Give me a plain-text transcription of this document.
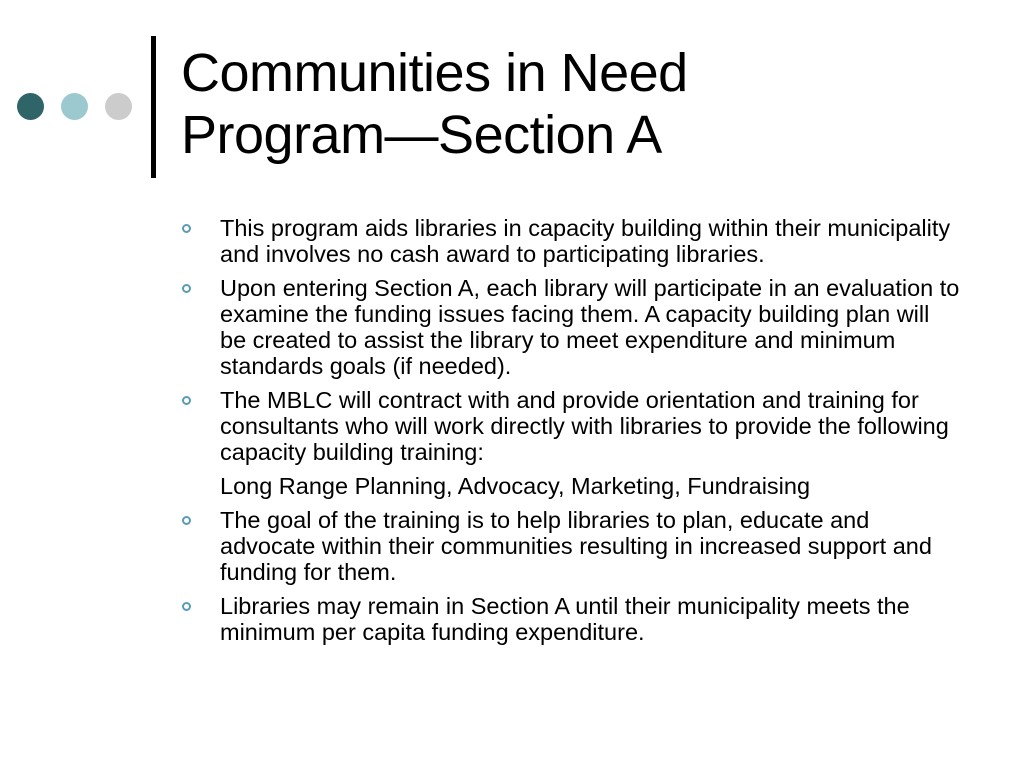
Communities in Need
Program—Section A
This program aids libraries in capacity building within their municipality and involves no cash award to participating libraries.
Upon entering Section A, each library will participate in an evaluation to examine the funding issues facing them. A capacity building plan will be created to assist the library to meet expenditure and minimum standards goals (if needed).
The MBLC will contract with and provide orientation and training for consultants who will work directly with libraries to provide the following capacity building training:
Long Range Planning, Advocacy, Marketing, Fundraising
The goal of the training is to help libraries to plan, educate and advocate within their communities resulting in increased support and funding for them.
Libraries may remain in Section A until their municipality meets the minimum per capita funding expenditure.
